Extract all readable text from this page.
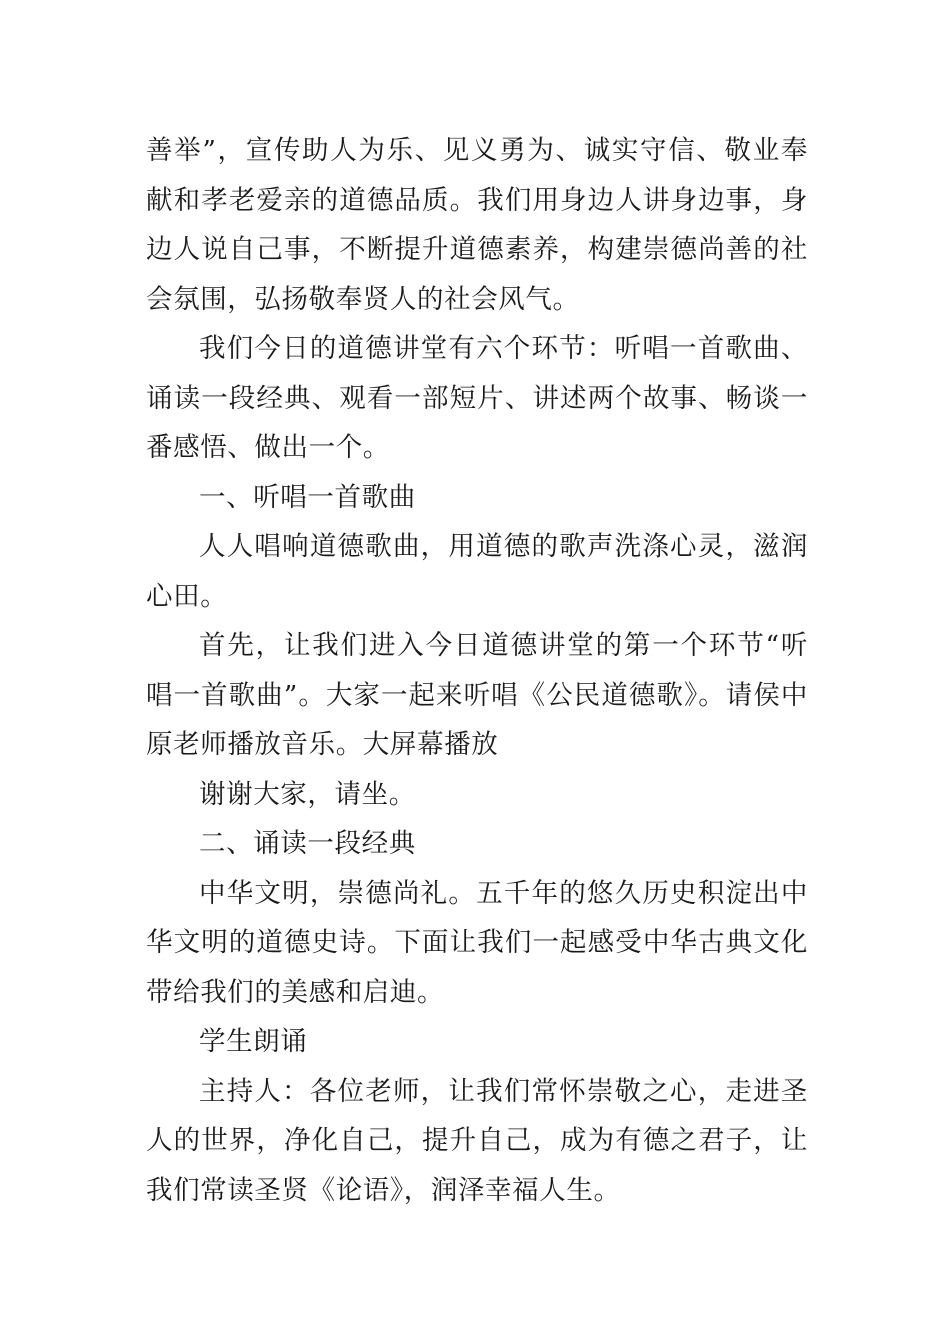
善举”，宣传助人为乐、见义勇为、诚实守信、敬业奉献和孝老爱亲的道德品质。我们用身边人讲身边事，身边人说自己事，不断提升道德素养，构建崇德尚善的社会氛围，弘扬敬奉贤人的社会风气。

我们今日的道德讲堂有六个环节：听唱一首歌曲、诵读一段经典、观看一部短片、讲述两个故事、畅谈一番感悟、做出一个。

一、听唱一首歌曲

人人唱响道德歌曲，用道德的歌声洗涤心灵，滋润心田。

首先，让我们进入今日道德讲堂的第一个环节“听唱一首歌曲”。大家一起来听唱《公民道德歌》。请侯中原老师播放音乐。大屏幕播放

谢谢大家，请坐。

二、诵读一段经典

中华文明，崇德尚礼。五千年的悠久历史积淀出中华文明的道德史诗。下面让我们一起感受中华古典文化带给我们的美感和启迪。

学生朗诵

主持人：各位老师，让我们常怀崇敬之心，走进圣人的世界，净化自己，提升自己，成为有德之君子，让我们常读圣贤《论语》，润泽幸福人生。
